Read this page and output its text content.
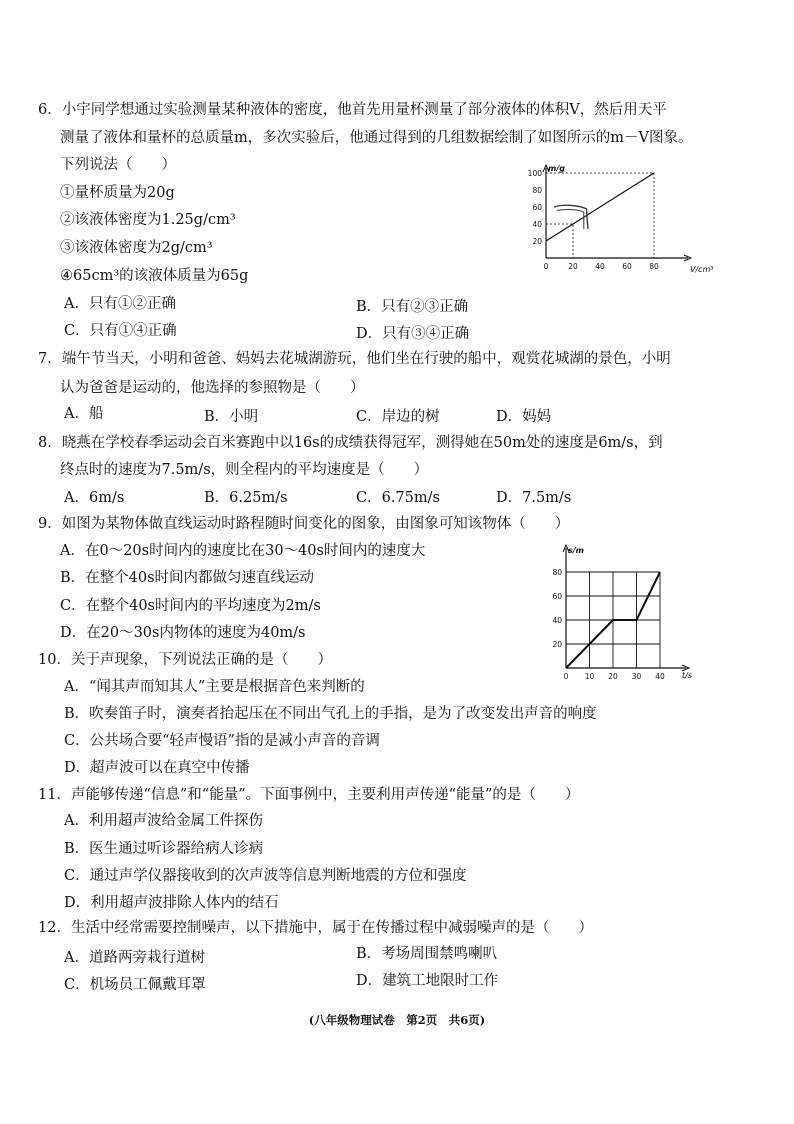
6．小宇同学想通过实验测量某种液体的密度，他首先用量杯测量了部分液体的体积V，然后用天平
测量了液体和量杯的总质量m，多次实验后，他通过得到的几组数据绘制了如图所示的m－V图象。
下列说法（　　）
①量杯质量为20g
②该液体密度为1.25g/cm³
③该液体密度为2g/cm³
④65cm³的该液体质量为65g
A．只有①②正确	B．只有②③正确
C．只有①④正确	D．只有③④正确
m/g
V/cm³
100
80
60
40
20
0	20 40 60 80
7．端午节当天，小明和爸爸、妈妈去花城湖游玩，他们坐在行驶的船中，观赏花城湖的景色，小明
认为爸爸是运动的，他选择的参照物是（　　）
A．船	B．小明	C．岸边的树	D．妈妈
8．晓燕在学校春季运动会百米赛跑中以16s的成绩获得冠军，测得她在50m处的速度是6m/s，到
终点时的速度为7.5m/s，则全程内的平均速度是（　　）
A．6m/s	B．6.25m/s	C．6.75m/s	D．7.5m/s
9．如图为某物体做直线运动时路程随时间变化的图象，由图象可知该物体（　　）
A．在0～20s时间内的速度比在30～40s时间内的速度大
B．在整个40s时间内都做匀速直线运动
C．在整个40s时间内的平均速度为2m/s
D．在20～30s内物体的速度为40m/s
s/m
t/s
80
60
40
20
0 10 20 30 40
10．关于声现象，下列说法正确的是（　　）
A．“闻其声而知其人”主要是根据音色来判断的
B．吹奏笛子时，演奏者抬起压在不同出气孔上的手指，是为了改变发出声音的响度
C．公共场合要“轻声慢语”指的是减小声音的音调
D．超声波可以在真空中传播
11．声能够传递“信息”和“能量”。下面事例中，主要利用声传递“能量”的是（　　）
A．利用超声波给金属工件探伤
B．医生通过听诊器给病人诊病
C．通过声学仪器接收到的次声波等信息判断地震的方位和强度
D．利用超声波排除人体内的结石
12．生活中经常需要控制噪声，以下措施中，属于在传播过程中减弱噪声的是（　　）
A．道路两旁栽行道树	B．考场周围禁鸣喇叭
C．机场员工佩戴耳罩	D．建筑工地限时工作
(八年级物理试卷　第2页　共6页)
